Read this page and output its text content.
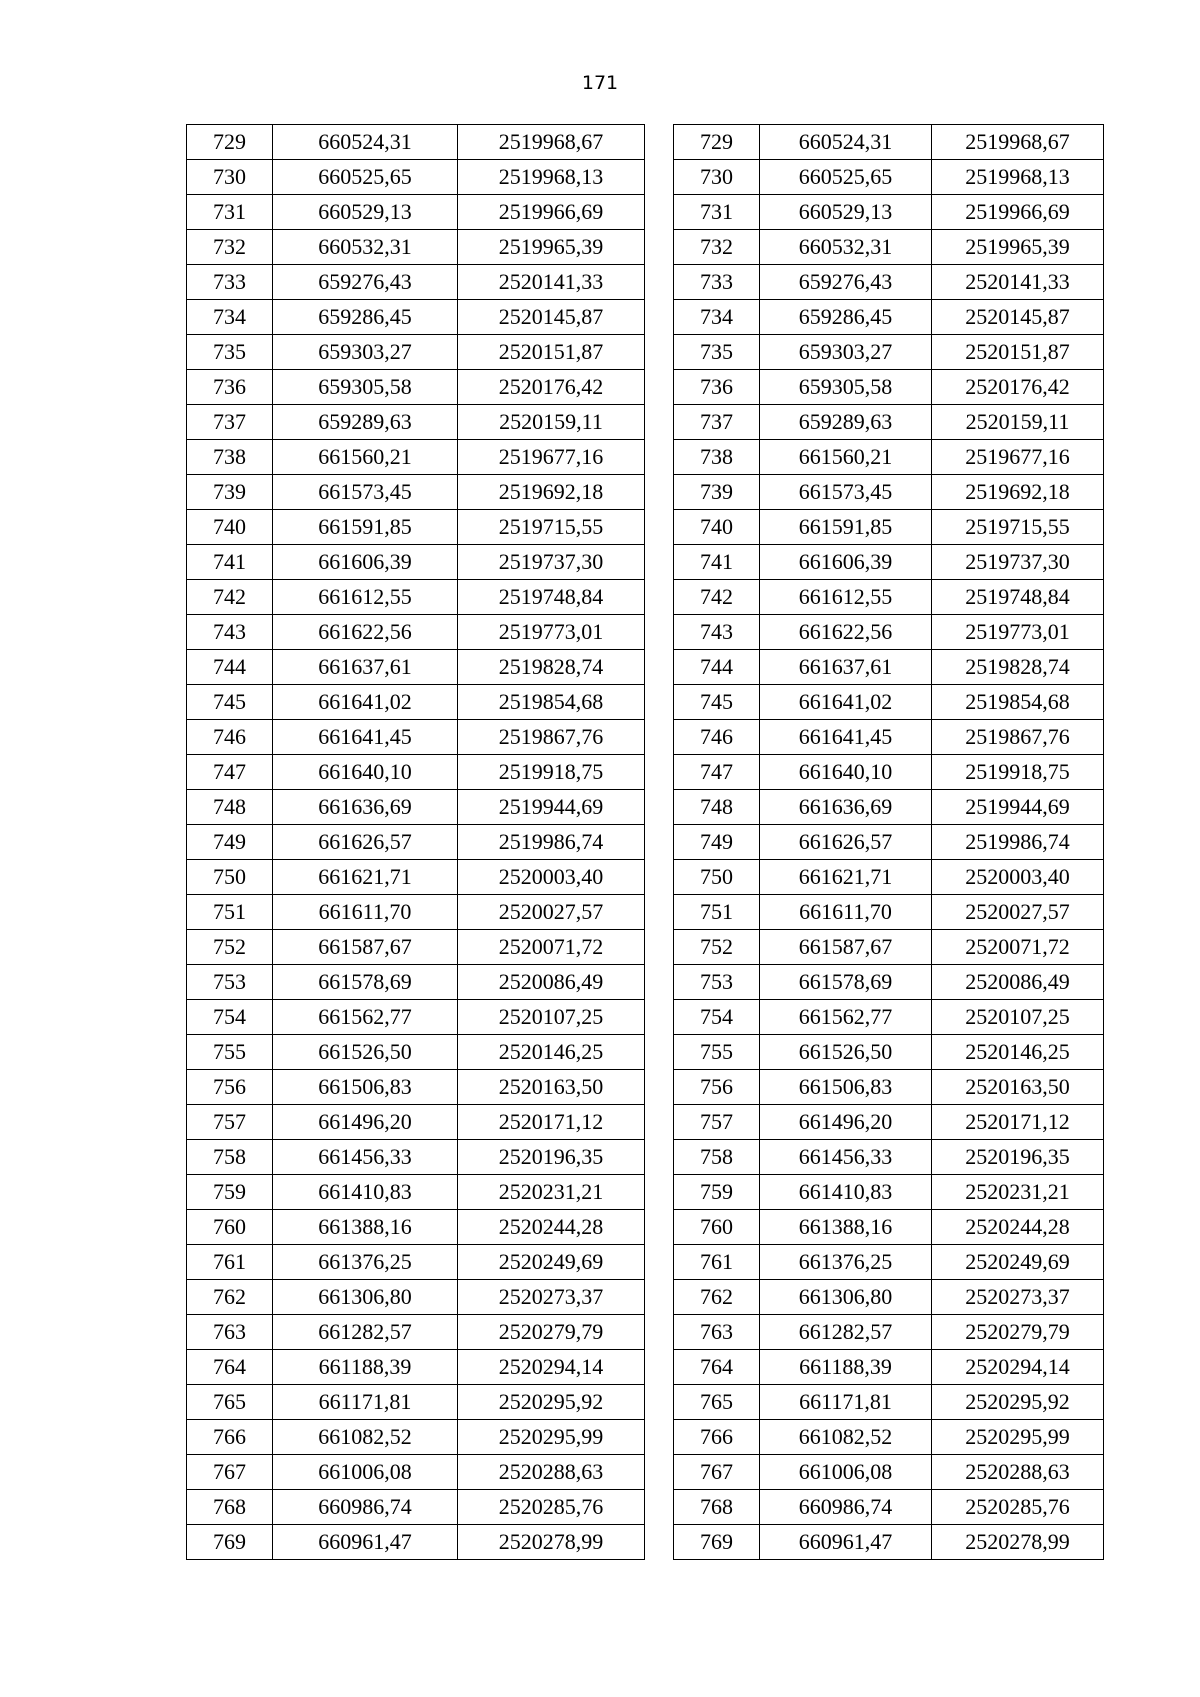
171
729	660524,31	2519968,67
730	660525,65	2519968,13
731	660529,13	2519966,69
732	660532,31	2519965,39
733	659276,43	2520141,33
734	659286,45	2520145,87
735	659303,27	2520151,87
736	659305,58	2520176,42
737	659289,63	2520159,11
738	661560,21	2519677,16
739	661573,45	2519692,18
740	661591,85	2519715,55
741	661606,39	2519737,30
742	661612,55	2519748,84
743	661622,56	2519773,01
744	661637,61	2519828,74
745	661641,02	2519854,68
746	661641,45	2519867,76
747	661640,10	2519918,75
748	661636,69	2519944,69
749	661626,57	2519986,74
750	661621,71	2520003,40
751	661611,70	2520027,57
752	661587,67	2520071,72
753	661578,69	2520086,49
754	661562,77	2520107,25
755	661526,50	2520146,25
756	661506,83	2520163,50
757	661496,20	2520171,12
758	661456,33	2520196,35
759	661410,83	2520231,21
760	661388,16	2520244,28
761	661376,25	2520249,69
762	661306,80	2520273,37
763	661282,57	2520279,79
764	661188,39	2520294,14
765	661171,81	2520295,92
766	661082,52	2520295,99
767	661006,08	2520288,63
768	660986,74	2520285,76
769	660961,47	2520278,99
729	660524,31	2519968,67
730	660525,65	2519968,13
731	660529,13	2519966,69
732	660532,31	2519965,39
733	659276,43	2520141,33
734	659286,45	2520145,87
735	659303,27	2520151,87
736	659305,58	2520176,42
737	659289,63	2520159,11
738	661560,21	2519677,16
739	661573,45	2519692,18
740	661591,85	2519715,55
741	661606,39	2519737,30
742	661612,55	2519748,84
743	661622,56	2519773,01
744	661637,61	2519828,74
745	661641,02	2519854,68
746	661641,45	2519867,76
747	661640,10	2519918,75
748	661636,69	2519944,69
749	661626,57	2519986,74
750	661621,71	2520003,40
751	661611,70	2520027,57
752	661587,67	2520071,72
753	661578,69	2520086,49
754	661562,77	2520107,25
755	661526,50	2520146,25
756	661506,83	2520163,50
757	661496,20	2520171,12
758	661456,33	2520196,35
759	661410,83	2520231,21
760	661388,16	2520244,28
761	661376,25	2520249,69
762	661306,80	2520273,37
763	661282,57	2520279,79
764	661188,39	2520294,14
765	661171,81	2520295,92
766	661082,52	2520295,99
767	661006,08	2520288,63
768	660986,74	2520285,76
769	660961,47	2520278,99
